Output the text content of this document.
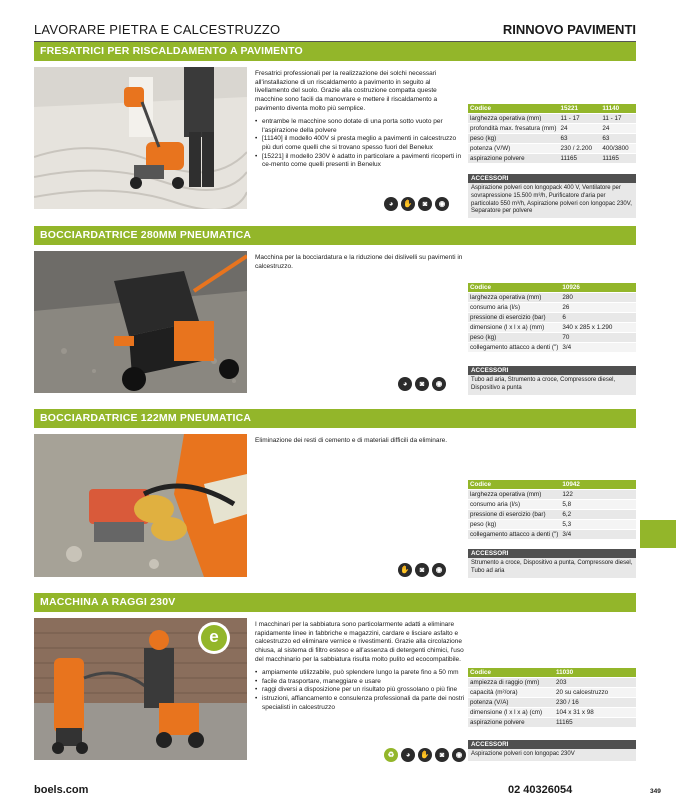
LAVORARE PIETRA E CALCESTRUZZO	RINNOVO PAVIMENTI
FRESATRICI PER RISCALDAMENTO A PAVIMENTO

Fresatrici professionali per la realizzazione dei solchi necessari all'installazione di un riscaldamento a pavimento in seguito al livellamento del suolo. Grazie alla costruzione compatta queste macchine sono facili da manovrare e mettere il riscaldamento a pavimento diventa molto più semplice.

• entrambe le macchine sono dotate di una porta sotto vuoto per l'aspirazione della polvere
• [11140] il modello 400V si presta meglio a pavimenti in calcestruzzo più duri come quelli che si trovano spesso fuori del Benelux
• [15221] il modello 230V è adatto in particolare a pavimenti ricoperti in ce-mento come quelli presenti in Benelux
◕	✋	◙	◉
Codice	15221	11140
larghezza operativa (mm)	11 - 17	11 - 17
profondità max. fresatura (mm)	24	24
peso (kg)	63	63
potenza (V/W)	230 / 2.200	400/3800
aspirazione polvere	11165	11165
ACCESSORI
Aspirazione polveri con longopack 400 V, Ventilatore per sovrapressione 15.500 m³/h, Purificatore d'aria per particolato 550 m³/h, Aspirazione polveri con longopac 230V, Separatore per polvere
BOCCIARDATRICE 280MM PNEUMATICA

Macchina per la bocciardatura e la riduzione dei dislivelli su pavimenti in calcestruzzo.

◕	◙	◉
Codice	10926
larghezza operativa (mm)	280
consumo aria (l/s)	26
pressione di esercizio (bar)	6
dimensione (l x l x a) (mm)	340 x 285 x 1.290
peso (kg)	70
collegamento attacco a denti (")	3/4
ACCESSORI
Tubo ad aria, Strumento a croce, Compressore diesel, Dispositivo a punta
BOCCIARDATRICE 122MM PNEUMATICA

Eliminazione dei resti di cemento e di materiali difficili da eliminare.

✋	◙	◉
Codice	10942
larghezza operativa (mm)	122
consumo aria (l/s)	5,8
pressione di esercizio (bar)	6,2
peso (kg)	5,3
collegamento attacco a denti (")	3/4
ACCESSORI
Strumento a croce, Dispositivo a punta, Compressore diesel, Tubo ad aria
MACCHINA A RAGGI 230V
e

I macchinari per la sabbiatura sono particolarmente adatti a eliminare rapidamente linee in fabbriche e magazzini, cardare e lisciare asfalto e calcestruzzo ed eliminare vernice e rivestimenti. Grazie alla circolazione chiusa, al sistema di filtro esteso e all'assenza di detergenti chimici, l'uso del macchinario per la sabbiatura risulta molto pulito ed ecocompatibile.

• ampiamente utilizzabile, può splendere lungo la parete fino a 50 mm
• facile da trasportare, maneggiare e usare
• raggi diversi a disposizione per un risultato più grossolano o più fine
• istruzioni, affiancamento e consulenza professionali da parte dei nostri specialisti in calcestruzzo
♻	◕	✋	◙	◉
Codice	11030
ampiezza di raggio (mm)	203
capacità (m²/ora)	20 su calcestruzzo
potenza (V/A)	230 / 16
dimensione (l x l x a) (cm)	104 x 31 x 98
aspirazione polvere	11165
ACCESSORI
Aspirazione polveri con longopac 230V
boels.com	02 40326054	349
